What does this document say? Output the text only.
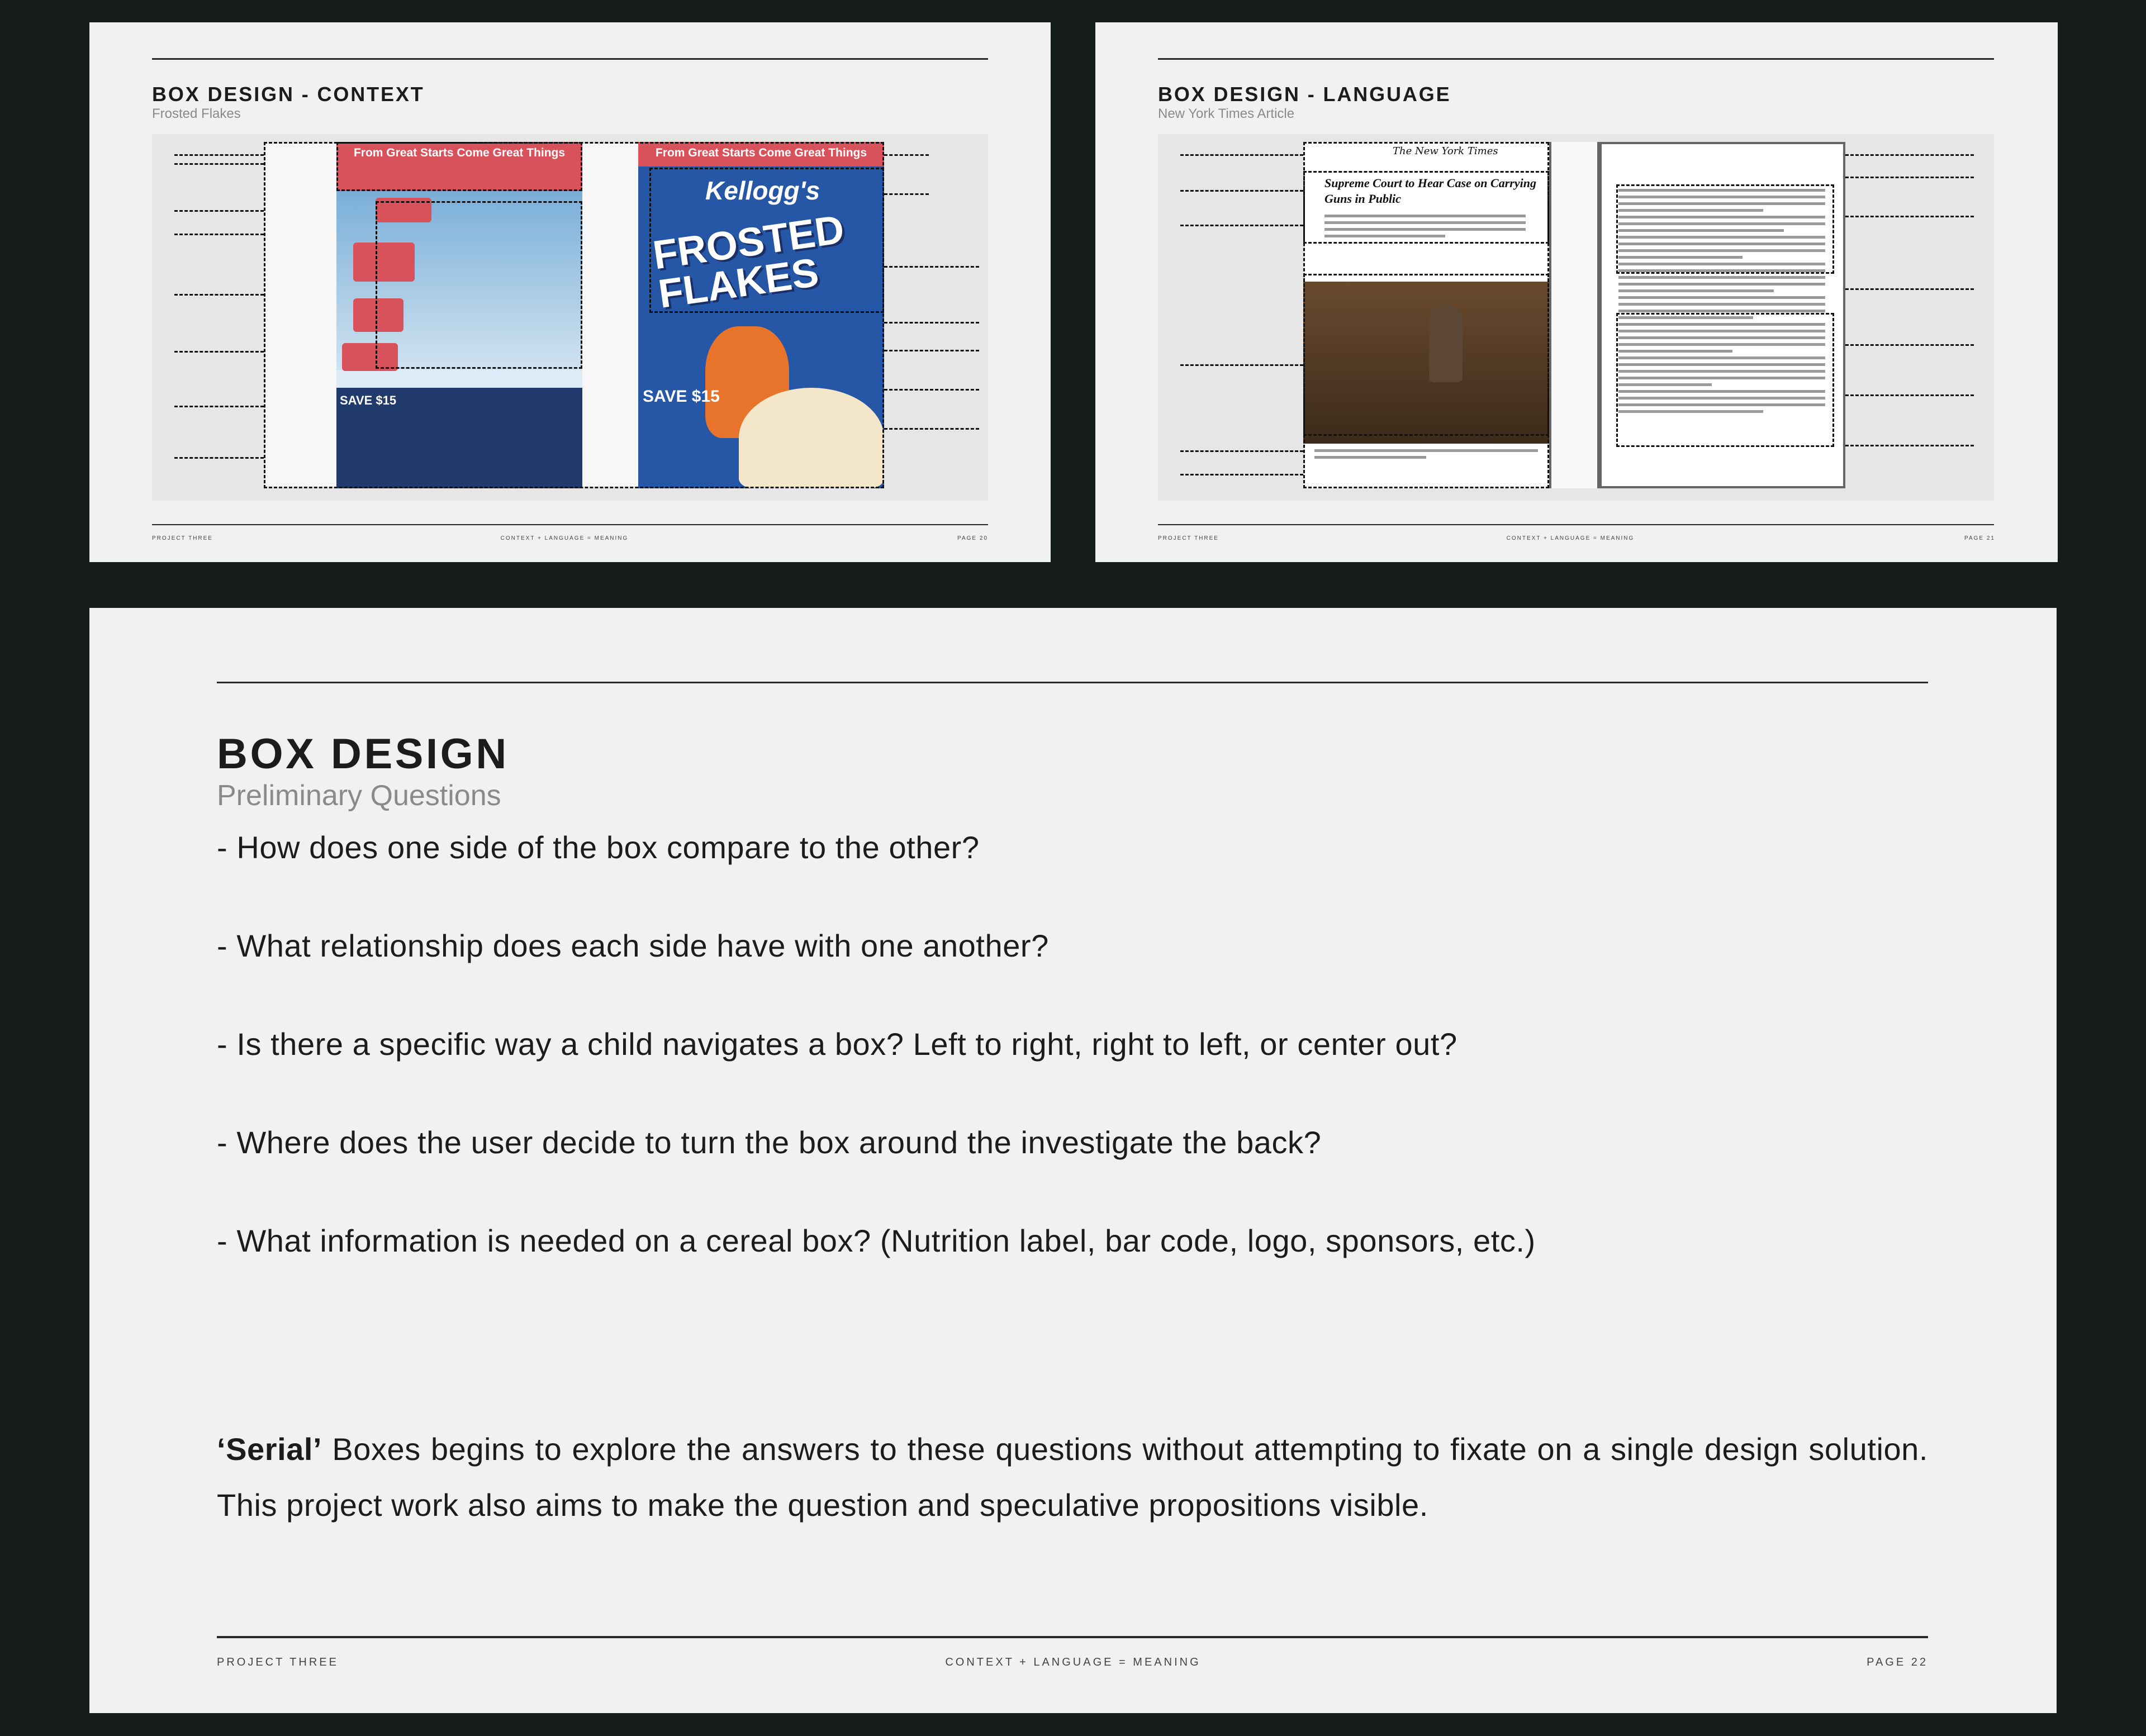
BOX DESIGN - CONTEXT
Frosted Flakes
From Great Starts Come Great Things
SAVE $15
From Great Starts Come Great Things
Kellogg's
FROSTED FLAKES
SAVE $15
PROJECT THREE	CONTEXT + LANGUAGE = MEANING	PAGE 20
BOX DESIGN - LANGUAGE
New York Times Article
The New York Times
Supreme Court to Hear Case on Carrying Guns in Public
PROJECT THREE	CONTEXT + LANGUAGE = MEANING	PAGE 21
BOX DESIGN
Preliminary Questions
- How does one side of the box compare to the other?
- What relationship does each side have with one another?
- Is there a specific way a child navigates a box? Left to right, right to left, or center out?
- Where does the user decide to turn the box around the investigate the back?
- What information is needed on a cereal box? (Nutrition label, bar code, logo, sponsors, etc.)
‘Serial’ Boxes begins to explore the answers to these questions without attempting to fixate on a single design solution. This project work also aims to make the question and speculative propositions visible.
PROJECT THREE	CONTEXT + LANGUAGE = MEANING	PAGE 22
